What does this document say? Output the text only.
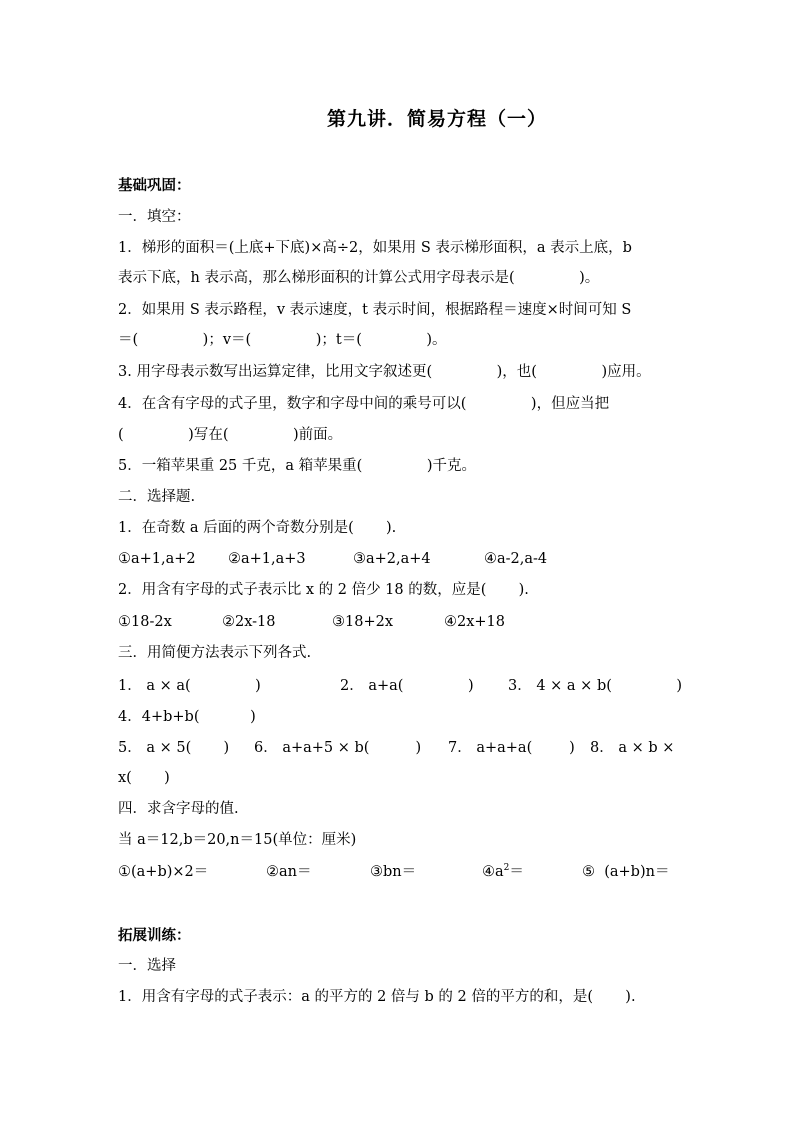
第九讲．简易方程（一）
基础巩固：
一．填空：
1．梯形的面积＝(上底+下底)×高÷2，如果用 S 表示梯形面积，a 表示上底，b
表示下底，h 表示高，那么梯形面积的计算公式用字母表示是(              )。
2．如果用 S 表示路程，v 表示速度，t 表示时间，根据路程＝速度×时间可知 S
＝(              )；v＝(              )；t＝(              )。
3. 用字母表示数写出运算定律，比用文字叙述更(              )，也(              )应用。
4．在含有字母的式子里，数字和字母中间的乘号可以(              )，但应当把
(              )写在(              )前面。
5．一箱苹果重 25 千克，a 箱苹果重(              )千克。
二．选择题.
1．在奇数 a 后面的两个奇数分别是(       ).
①a+1,a+2 ②a+1,a+3	③a+2,a+4	④a-2,a-4
2．用含有字母的式子表示比 x 的 2 倍少 18 的数，应是(       ).
①18-2x	②2x-18	③18+2x	④2x+18
三．用简便方法表示下列各式.
1． a × a(              )	2． a+a(              ) 3． 4 × a × b(              )
4．4+b+b(           )
5． a × 5(       ) 6． a+a+5 × b(          ) 7． a+a+a(        ) 8． a × b ×
x(       )
四．求含字母的值.
当 a＝12,b＝20,n＝15(单位：厘米)
①(a+b)×2＝	②an＝	③bn＝	$④a^2=$	⑤  (a+b)n＝
拓展训练：
一．选择
1．用含有字母的式子表示：a 的平方的 2 倍与 b 的 2 倍的平方的和，是(       ).
